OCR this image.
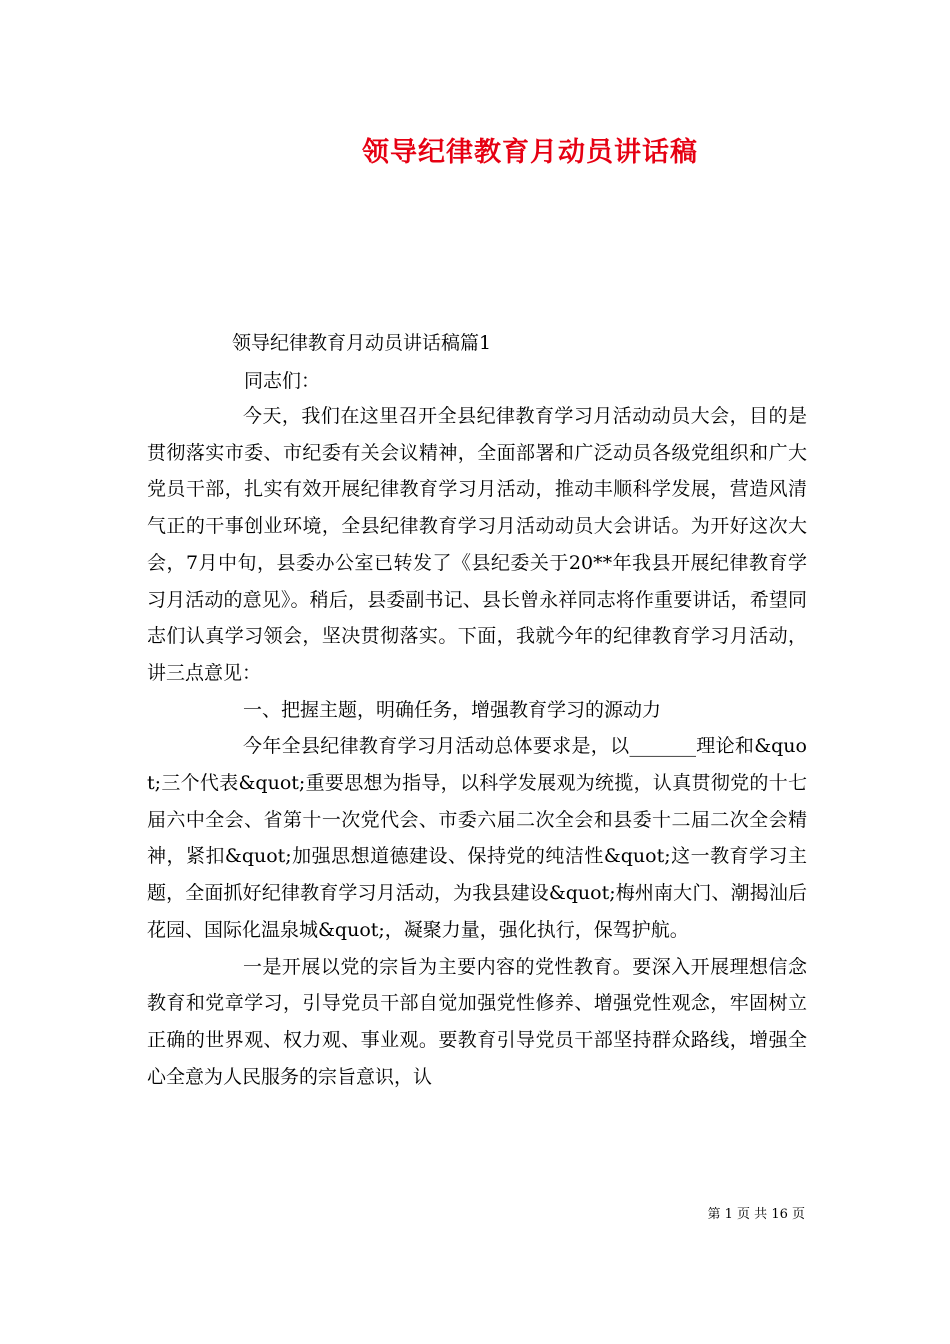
领导纪律教育月动员讲话稿

领导纪律教育月动员讲话稿篇1

同志们：

今天，我们在这里召开全县纪律教育学习月活动动员大会，目的是贯彻落实市委、市纪委有关会议精神，全面部署和广泛动员各级党组织和广大党员干部，扎实有效开展纪律教育学习月活动，推动丰顺科学发展，营造风清气正的干事创业环境，全县纪律教育学习月活动动员大会讲话。为开好这次大会，7月中旬，县委办公室已转发了《县纪委关于20**年我县开展纪律教育学习月活动的意见》。稍后，县委副书记、县长曾永祥同志将作重要讲话，希望同志们认真学习领会，坚决贯彻落实。下面，我就今年的纪律教育学习月活动，讲三点意见：

一、把握主题，明确任务，增强教育学习的源动力

今年全县纪律教育学习月活动总体要求是，以_______理论和&quot;三个代表&quot;重要思想为指导，以科学发展观为统揽，认真贯彻党的十七届六中全会、省第十一次党代会、市委六届二次全会和县委十二届二次全会精神，紧扣&quot;加强思想道德建设、保持党的纯洁性&quot;这一教育学习主题，全面抓好纪律教育学习月活动，为我县建设&quot;梅州南大门、潮揭汕后花园、国际化温泉城&quot;，凝聚力量，强化执行，保驾护航。

一是开展以党的宗旨为主要内容的党性教育。要深入开展理想信念教育和党章学习，引导党员干部自觉加强党性修养、增强党性观念，牢固树立正确的世界观、权力观、事业观。要教育引导党员干部坚持群众路线，增强全心全意为人民服务的宗旨意识，认

第 1 页 共 16 页
